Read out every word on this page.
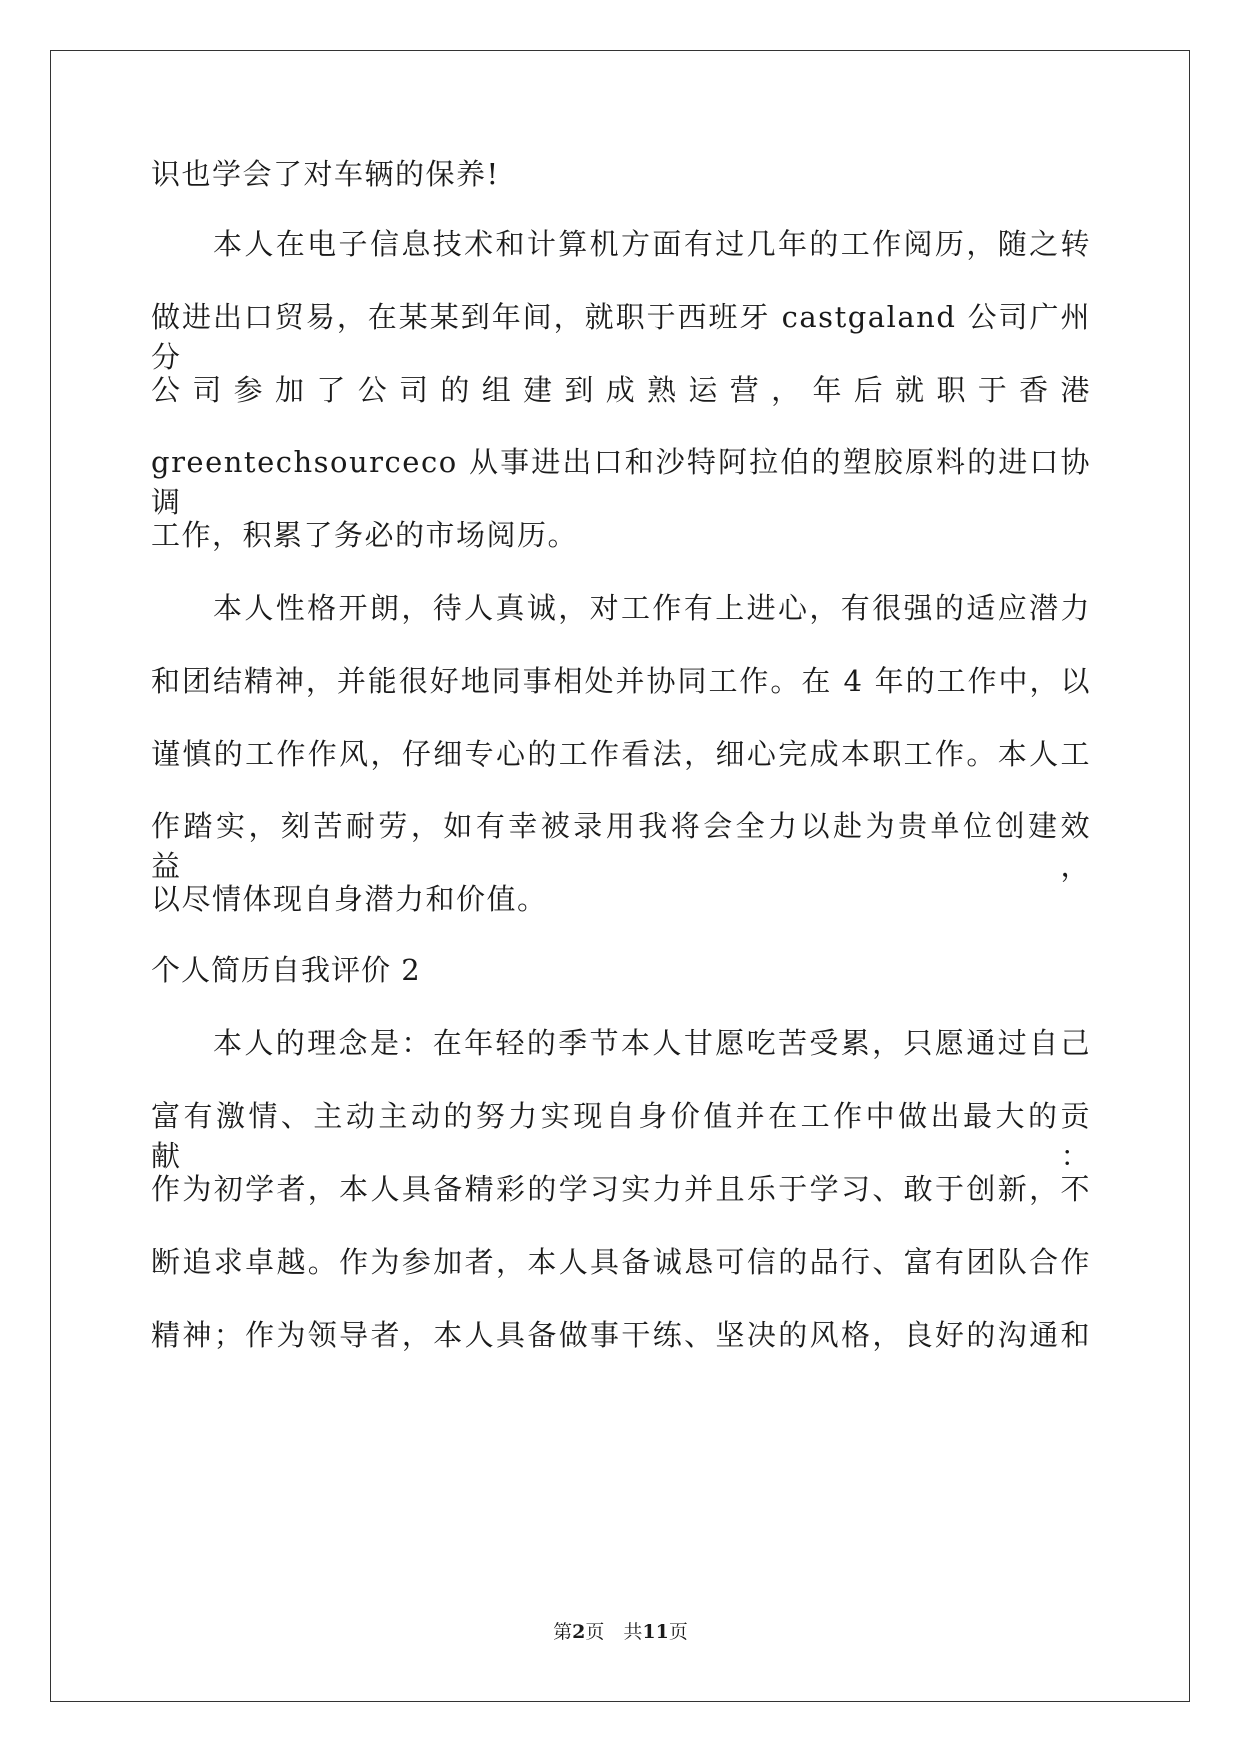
识也学会了对车辆的保养!
本人在电子信息技术和计算机方面有过几年的工作阅历，随之转
做进出口贸易，在某某到年间，就职于西班牙 castgaland 公司广州分
公司参加了公司的组建到成熟运营，年后就职于香港
greentechsourceco 从事进出口和沙特阿拉伯的塑胶原料的进口协调
工作，积累了务必的市场阅历。
本人性格开朗，待人真诚，对工作有上进心，有很强的适应潜力
和团结精神，并能很好地同事相处并协同工作。在 4 年的工作中，以
谨慎的工作作风，仔细专心的工作看法，细心完成本职工作。本人工
作踏实，刻苦耐劳，如有幸被录用我将会全力以赴为贵单位创建效益，
以尽情体现自身潜力和价值。
个人简历自我评价 2
本人的理念是：在年轻的季节本人甘愿吃苦受累，只愿通过自己
富有激情、主动主动的努力实现自身价值并在工作中做出最大的贡献：
作为初学者，本人具备精彩的学习实力并且乐于学习、敢于创新，不
断追求卓越。作为参加者，本人具备诚恳可信的品行、富有团队合作
精神；作为领导者，本人具备做事干练、坚决的风格，良好的沟通和
第2页　共11页
